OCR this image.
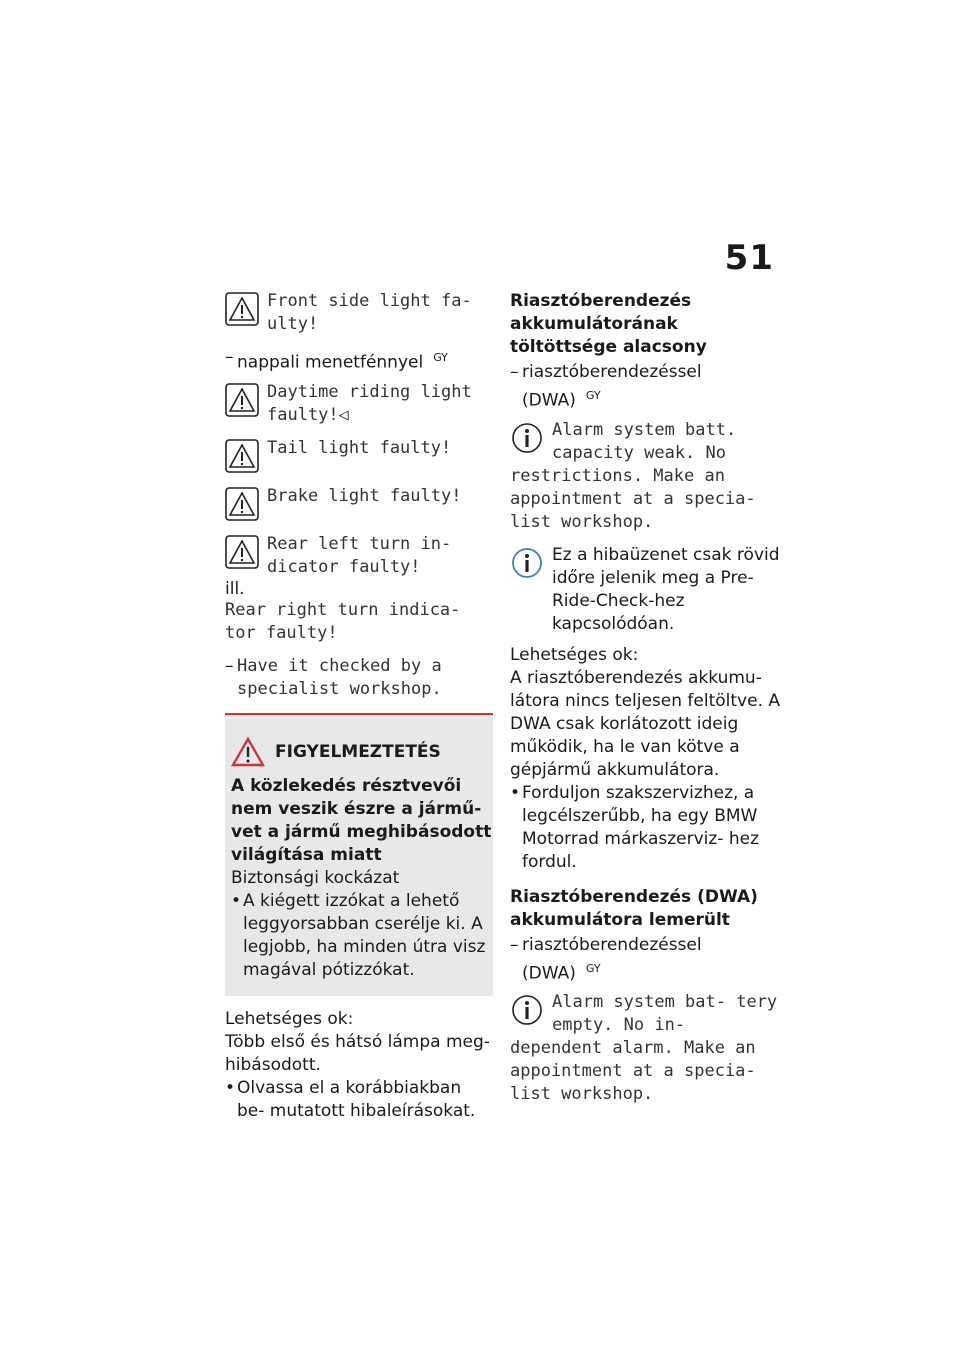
51
Front side light fa- ulty!
– nappali menetfénnyel $^{GY}$
Daytime riding light faulty!◁
Tail light faulty!
Brake light faulty!
Rear left turn in- dicator faulty!
ill.
Rear right turn indica- tor faulty!
– Have it checked by a specialist workshop.
FIGYELMEZTETÉS
A közlekedés résztvevői nem veszik észre a jármű- vet a jármű meghibásodott világítása miatt
Biztonsági kockázat
• A kiégett izzókat a lehető leggyorsabban cserélje ki. A legjobb, ha minden útra visz magával pótizzókat.
Lehetséges ok:
Több első és hátsó lámpa meg- hibásodott.
• Olvassa el a korábbiakban be- mutatott hibaleírásokat.
Riasztóberendezés akkumulátorának töltöttsége alacsony
– riasztóberendezéssel (DWA) $^{GY}$
Alarm system batt. capacity weak. No restrictions. Make an appointment at a specia- list workshop.
Ez a hibaüzenet csak rövid időre jelenik meg a Pre- Ride-Check-hez kapcsolódóan.
Lehetséges ok:
A riasztóberendezés akkumu- látora nincs teljesen feltöltve. A DWA csak korlátozott ideig működik, ha le van kötve a gépjármű akkumulátora.
• Forduljon szakszervizhez, a legcélszerűbb, ha egy BMW Motorrad márkaszerviz- hez fordul.
Riasztóberendezés (DWA) akkumulátora lemerült
– riasztóberendezéssel (DWA) $^{GY}$
Alarm system bat- tery empty. No in- dependent alarm. Make an appointment at a specia- list workshop.
